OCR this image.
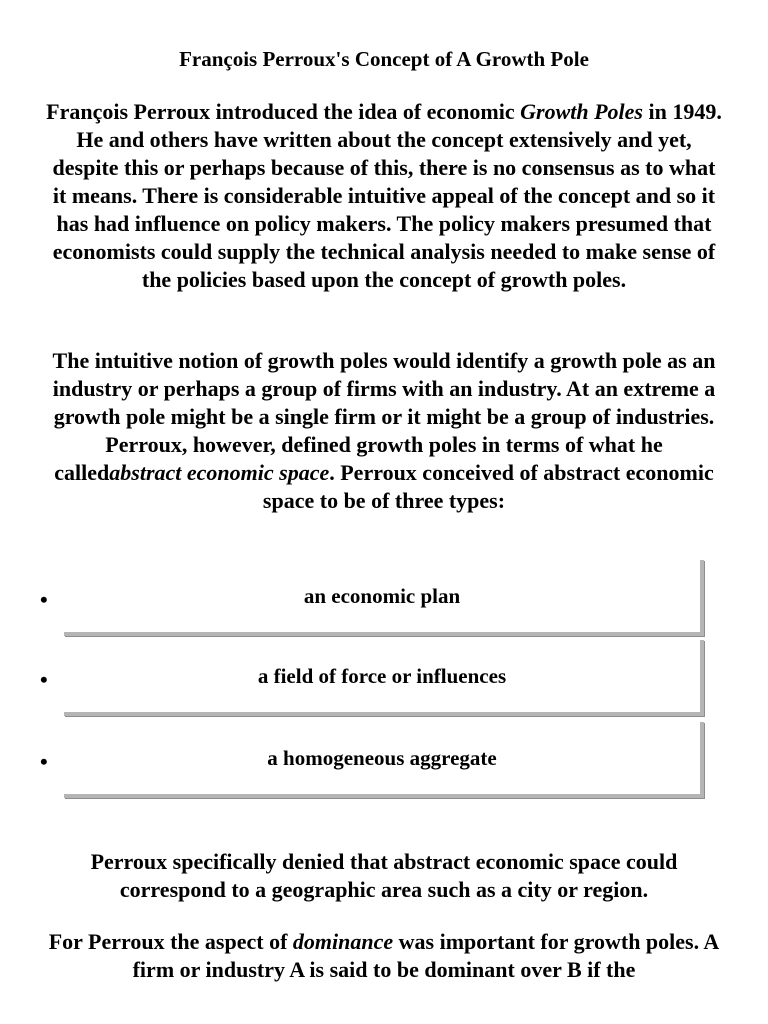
François Perroux's Concept of A Growth Pole

François Perroux introduced the idea of economic Growth Poles in 1949. He and others have written about the concept extensively and yet, despite this or perhaps because of this, there is no consensus as to what it means. There is considerable intuitive appeal of the concept and so it has had influence on policy makers. The policy makers presumed that economists could supply the technical analysis needed to make sense of the policies based upon the concept of growth poles.

The intuitive notion of growth poles would identify a growth pole as an industry or perhaps a group of firms with an industry. At an extreme a growth pole might be a single firm or it might be a group of industries. Perroux, however, defined growth poles in terms of what he calledabstract economic space. Perroux conceived of abstract economic space to be of three types:

•	an economic plan
•	a field of force or influences
•	a homogeneous aggregate

Perroux specifically denied that abstract economic space could correspond to a geographic area such as a city or region.

For Perroux the aspect of dominance was important for growth poles. A firm or industry A is said to be dominant over B if the
